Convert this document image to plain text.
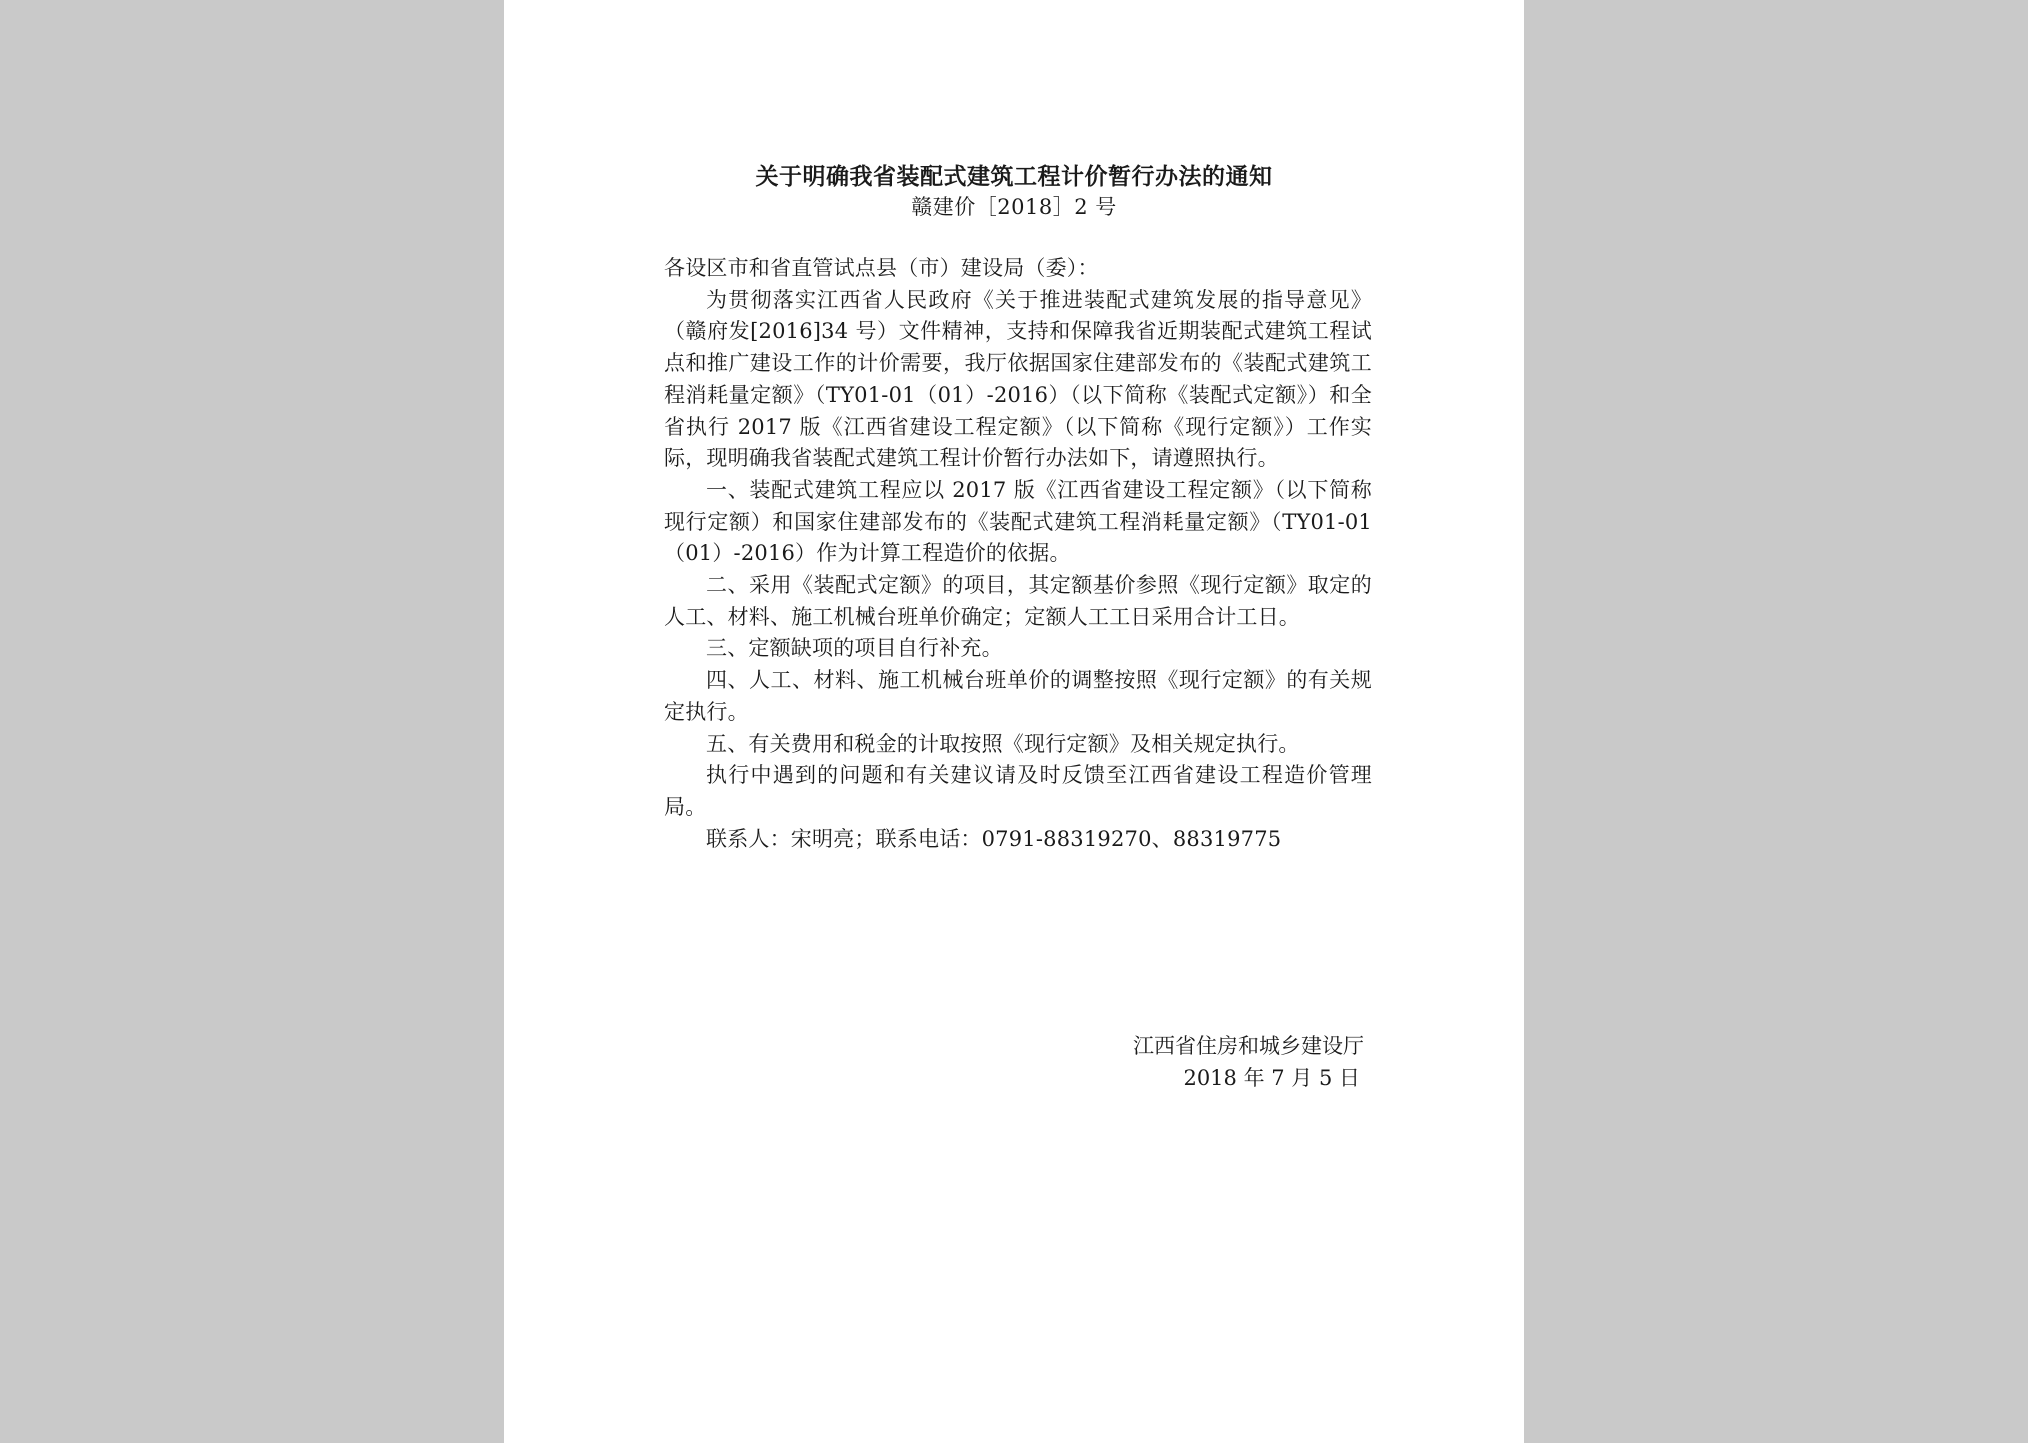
关于明确我省装配式建筑工程计价暂行办法的通知
赣建价［2018］2 号

各设区市和省直管试点县（市）建设局（委）：

为贯彻落实江西省人民政府《关于推进装配式建筑发展的指导意见》（赣府发[2016]34 号）文件精神，支持和保障我省近期装配式建筑工程试点和推广建设工作的计价需要，我厅依据国家住建部发布的《装配式建筑工程消耗量定额》（TY01-01（01）-2016）（以下简称《装配式定额》）和全省执行 2017 版《江西省建设工程定额》（以下简称《现行定额》）工作实际，现明确我省装配式建筑工程计价暂行办法如下，请遵照执行。

一、装配式建筑工程应以 2017 版《江西省建设工程定额》（以下简称现行定额）和国家住建部发布的《装配式建筑工程消耗量定额》（TY01-01（01）-2016）作为计算工程造价的依据。

二、采用《装配式定额》的项目，其定额基价参照《现行定额》取定的人工、材料、施工机械台班单价确定；定额人工工日采用合计工日。

三、定额缺项的项目自行补充。

四、人工、材料、施工机械台班单价的调整按照《现行定额》的有关规定执行。

五、有关费用和税金的计取按照《现行定额》及相关规定执行。

执行中遇到的问题和有关建议请及时反馈至江西省建设工程造价管理局。

联系人：宋明亮；联系电话：0791-88319270、88319775

江西省住房和城乡建设厅
2018 年 7 月 5 日
